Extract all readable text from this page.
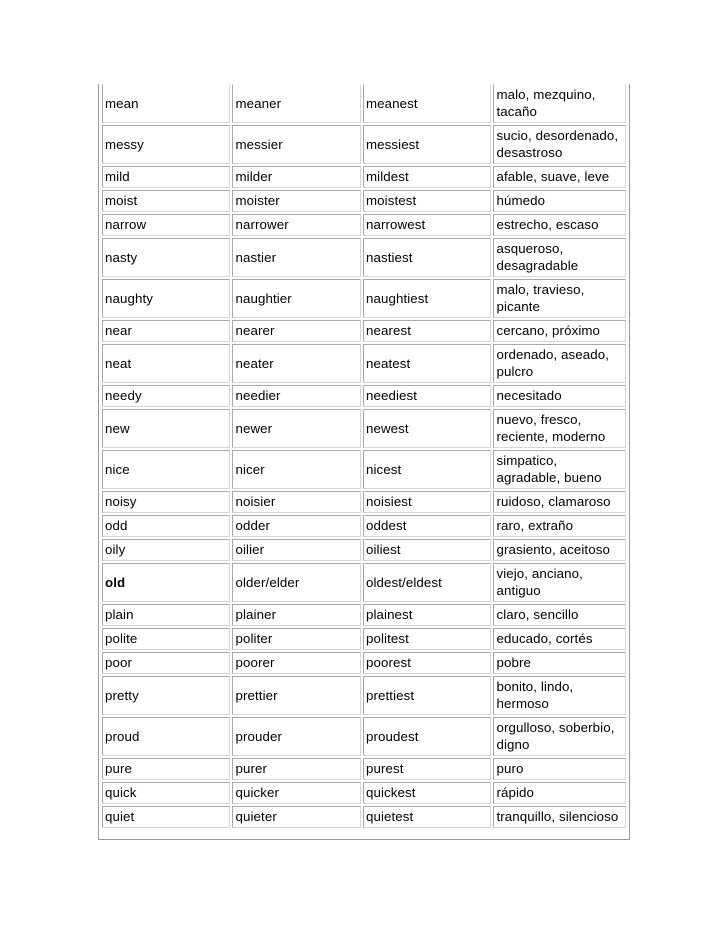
mean	meaner	meanest	malo, mezquino, tacaño
messy	messier	messiest	sucio, desordenado, desastroso
mild	milder	mildest	afable, suave, leve
moist	moister	moistest	húmedo
narrow	narrower	narrowest	estrecho, escaso
nasty	nastier	nastiest	asqueroso, desagradable
naughty	naughtier	naughtiest	malo, travieso, picante
near	nearer	nearest	cercano, próximo
neat	neater	neatest	ordenado, aseado, pulcro
needy	needier	neediest	necesitado
new	newer	newest	nuevo, fresco, reciente, moderno
nice	nicer	nicest	simpatico, agradable, bueno
noisy	noisier	noisiest	ruidoso, clamaroso
odd	odder	oddest	raro, extraño
oily	oilier	oiliest	grasiento, aceitoso
old	older/elder	oldest/eldest	viejo, anciano, antiguo
plain	plainer	plainest	claro, sencillo
polite	politer	politest	educado, cortés
poor	poorer	poorest	pobre
pretty	prettier	prettiest	bonito, lindo, hermoso
proud	prouder	proudest	orgulloso, soberbio, digno
pure	purer	purest	puro
quick	quicker	quickest	rápido
quiet	quieter	quietest	tranquillo, silencioso
